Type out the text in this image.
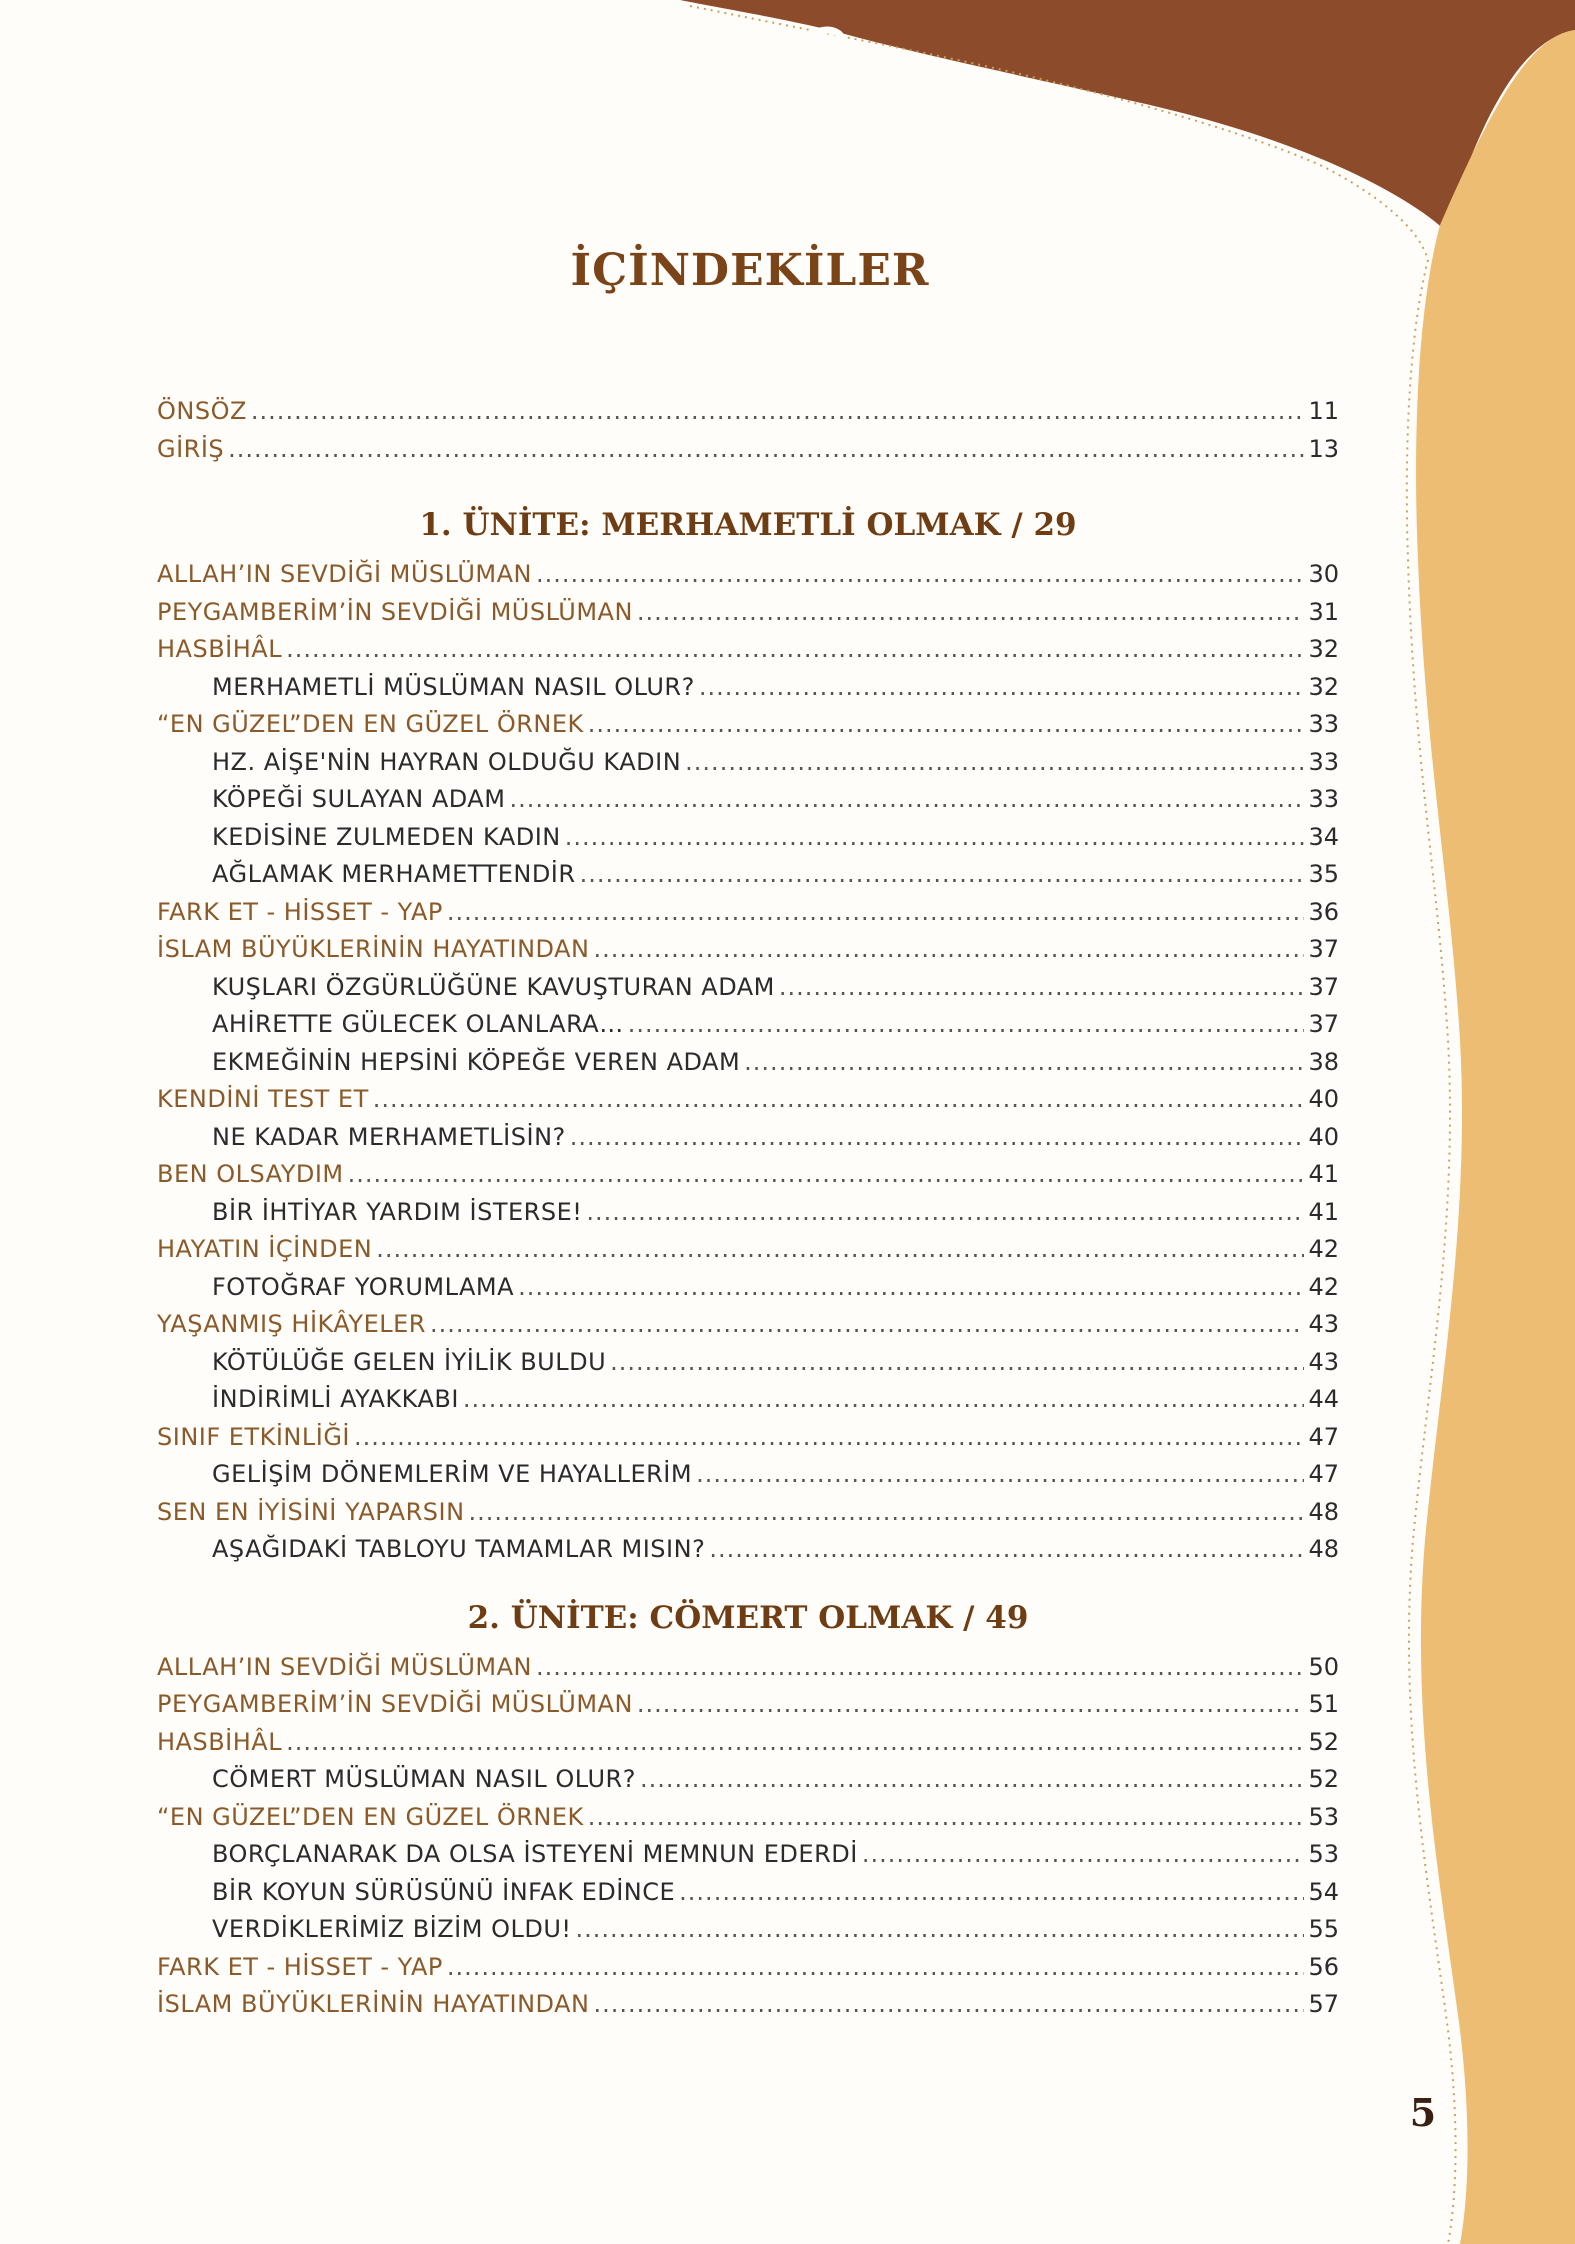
İÇİNDEKİLER
ÖNSÖZ .....	11
GİRİŞ .....	13
1. ÜNİTE: MERHAMETLİ OLMAK / 29
ALLAH’IN SEVDİĞİ MÜSLÜMAN .....	30
PEYGAMBERİM’İN SEVDİĞİ MÜSLÜMAN .....	31
HASBİHÂL .....	32
MERHAMETLİ MÜSLÜMAN NASIL OLUR? .....	32
“EN GÜZEL”DEN EN GÜZEL ÖRNEK .....	33
HZ. AİŞE'NİN HAYRAN OLDUĞU KADIN .....	33
KÖPEĞİ SULAYAN ADAM .....	33
KEDİSİNE ZULMEDEN KADIN .....	34
AĞLAMAK MERHAMETTENDİR .....	35
FARK ET - HİSSET - YAP .....	36
İSLAM BÜYÜKLERİNİN HAYATINDAN .....	37
KUŞLARI ÖZGÜRLÜĞÜNE KAVUŞTURAN ADAM .....	37
AHİRETTE GÜLECEK OLANLARA… .....	37
EKMEĞİNİN HEPSİNİ KÖPEĞE VEREN ADAM .....	38
KENDİNİ TEST ET .....	40
NE KADAR MERHAMETLİSİN? .....	40
BEN OLSAYDIM .....	41
BİR İHTİYAR YARDIM İSTERSE! .....	41
HAYATIN İÇİNDEN .....	42
FOTOĞRAF YORUMLAMA .....	42
YAŞANMIŞ HİKÂYELER .....	43
KÖTÜLÜĞE GELEN İYİLİK BULDU .....	43
İNDİRİMLİ AYAKKABI .....	44
SINIF ETKİNLİĞİ .....	47
GELİŞİM DÖNEMLERİM VE HAYALLERİM .....	47
SEN EN İYİSİNİ YAPARSIN .....	48
AŞAĞIDAKİ TABLOYU TAMAMLAR MISIN? .....	48
2. ÜNİTE: CÖMERT OLMAK / 49
ALLAH’IN SEVDİĞİ MÜSLÜMAN .....	50
PEYGAMBERİM’İN SEVDİĞİ MÜSLÜMAN .....	51
HASBİHÂL .....	52
CÖMERT MÜSLÜMAN NASIL OLUR? .....	52
“EN GÜZEL”DEN EN GÜZEL ÖRNEK .....	53
BORÇLANARAK DA OLSA İSTEYENİ MEMNUN EDERDİ .....	53
BİR KOYUN SÜRÜSÜNÜ İNFAK EDİNCE .....	54
VERDİKLERİMİZ BİZİM OLDU! .....	55
FARK ET - HİSSET - YAP .....	56
İSLAM BÜYÜKLERİNİN HAYATINDAN .....	57
5
